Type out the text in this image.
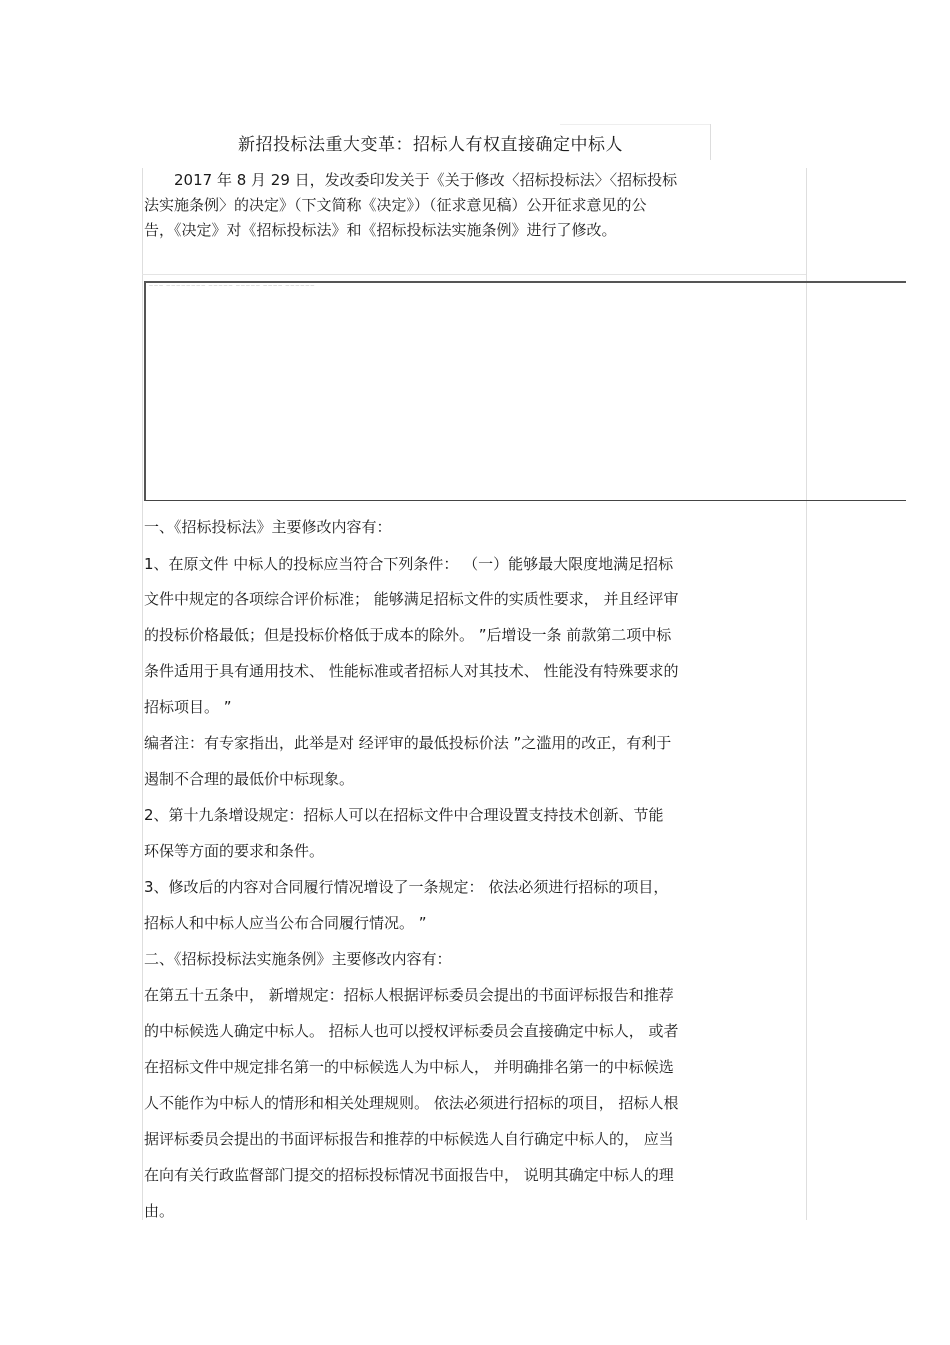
新招投标法重大变革：招标人有权直接确定中标人
2017 年 8 月 29 日，发改委印发关于《关于修改〈招标投标法〉〈招标投标
法实施条例〉的决定》（下文简称《决定》）（征求意见稿）公开征求意见的公
告，《决定》对《招标投标法》和《招标投标法实施条例》进行了修改。
——— ———————— ————— ————— ———— ——————
一、《招标投标法》主要修改内容有：
1、在原文件 中标人的投标应当符合下列条件： （一）能够最大限度地满足招标
文件中规定的各项综合评价标准； 能够满足招标文件的实质性要求， 并且经评审
的投标价格最低；但是投标价格低于成本的除外。 ”后增设一条 前款第二项中标
条件适用于具有通用技术、 性能标准或者招标人对其技术、 性能没有特殊要求的
招标项目。 ”
编者注：有专家指出，此举是对 经评审的最低投标价法 ”之滥用的改正，有利于
遏制不合理的最低价中标现象。
2、第十九条增设规定：招标人可以在招标文件中合理设置支持技术创新、节能
环保等方面的要求和条件。
3、修改后的内容对合同履行情况增设了一条规定： 依法必须进行招标的项目，
招标人和中标人应当公布合同履行情况。 ”
二、《招标投标法实施条例》主要修改内容有：
在第五十五条中， 新增规定：招标人根据评标委员会提出的书面评标报告和推荐
的中标候选人确定中标人。 招标人也可以授权评标委员会直接确定中标人， 或者
在招标文件中规定排名第一的中标候选人为中标人， 并明确排名第一的中标候选
人不能作为中标人的情形和相关处理规则。 依法必须进行招标的项目， 招标人根
据评标委员会提出的书面评标报告和推荐的中标候选人自行确定中标人的， 应当
在向有关行政监督部门提交的招标投标情况书面报告中， 说明其确定中标人的理
由。
